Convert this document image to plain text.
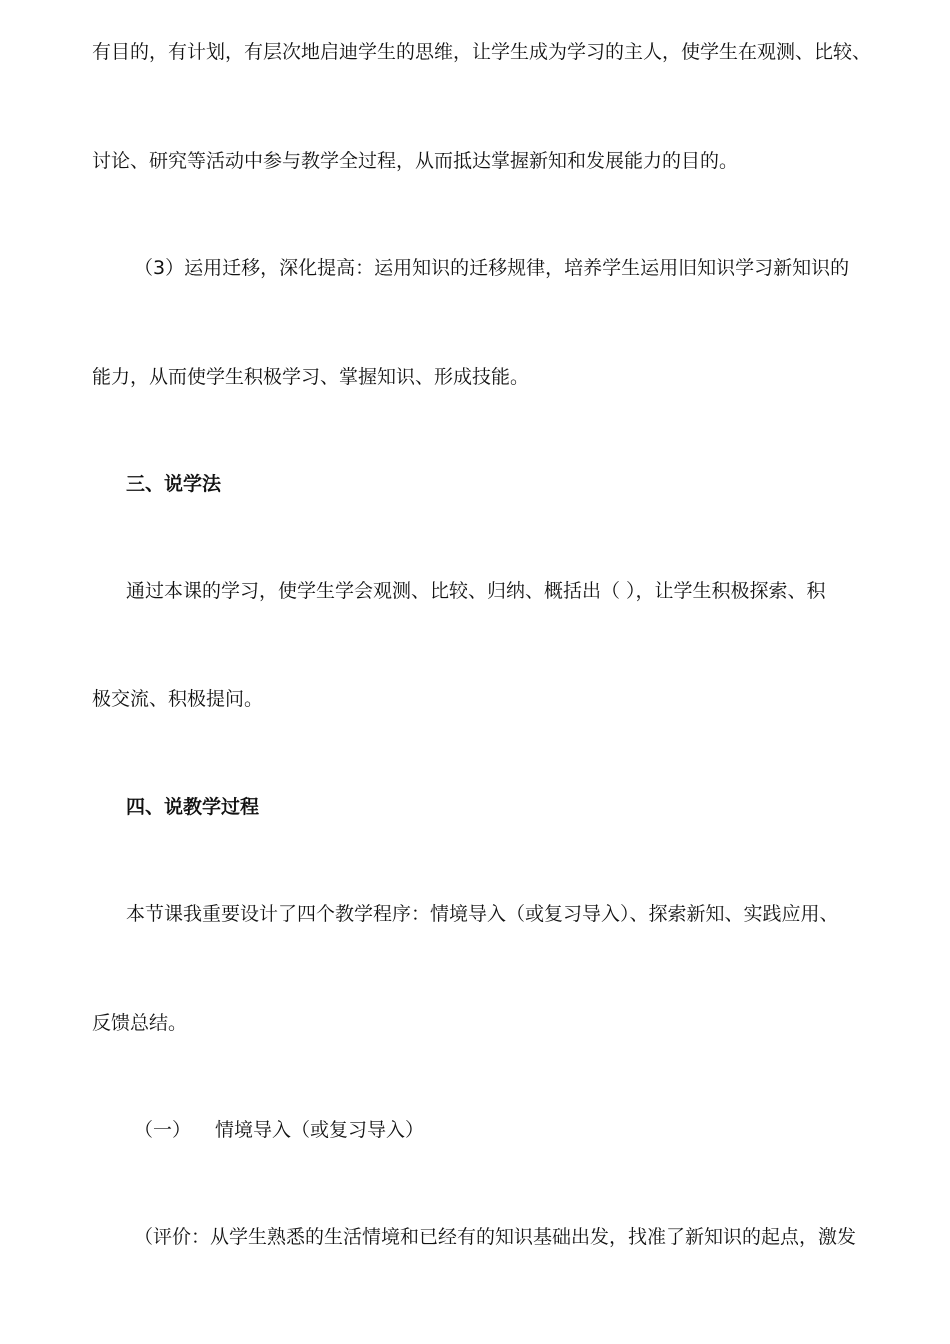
有目的，有计划，有层次地启迪学生的思维，让学生成为学习的主人，使学生在观测、比较、
讨论、研究等活动中参与教学全过程，从而抵达掌握新知和发展能力的目的。
（3）运用迁移，深化提高：运用知识的迁移规律，培养学生运用旧知识学习新知识的
能力，从而使学生积极学习、掌握知识、形成技能。
三、说学法
通过本课的学习，使学生学会观测、比较、归纳、概括出（ ），让学生积极探索、积
极交流、积极提问。
四、说教学过程
本节课我重要设计了四个教学程序：情境导入（或复习导入）、探索新知、实践应用、
反馈总结。
（一） 情境导入（或复习导入）
（评价：从学生熟悉的生活情境和已经有的知识基础出发，找准了新知识的起点，激发
